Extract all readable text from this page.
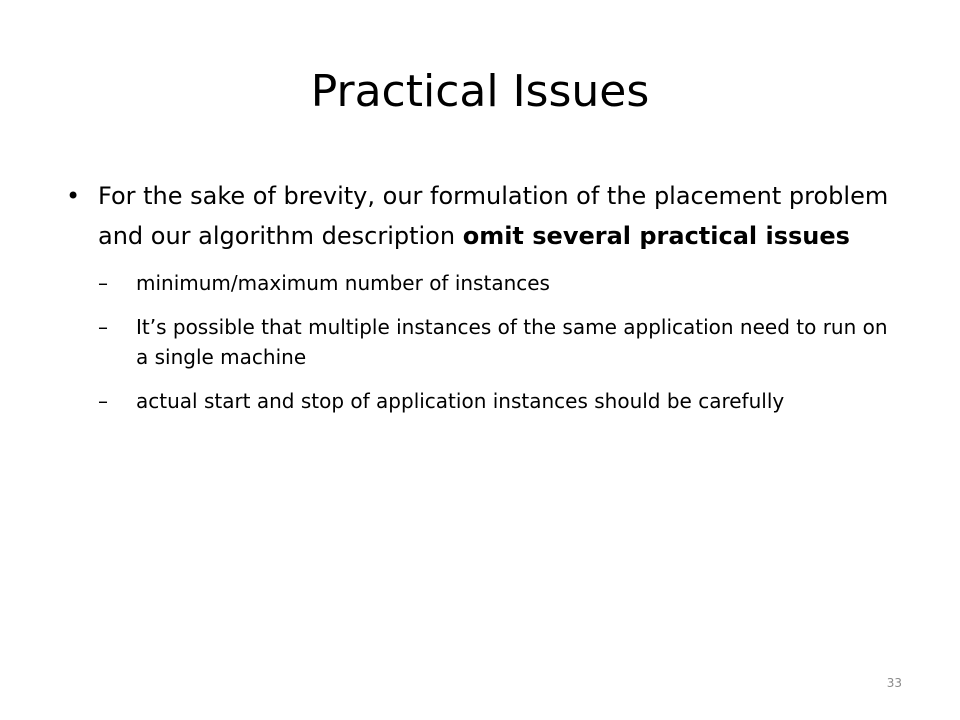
Practical Issues
• For the sake of brevity, our formulation of the placement problem and our algorithm description omit several practical issues
– minimum/maximum number of instances
– It’s possible that multiple instances of the same application need to run on a single machine
– actual start and stop of application instances should be carefully
33
